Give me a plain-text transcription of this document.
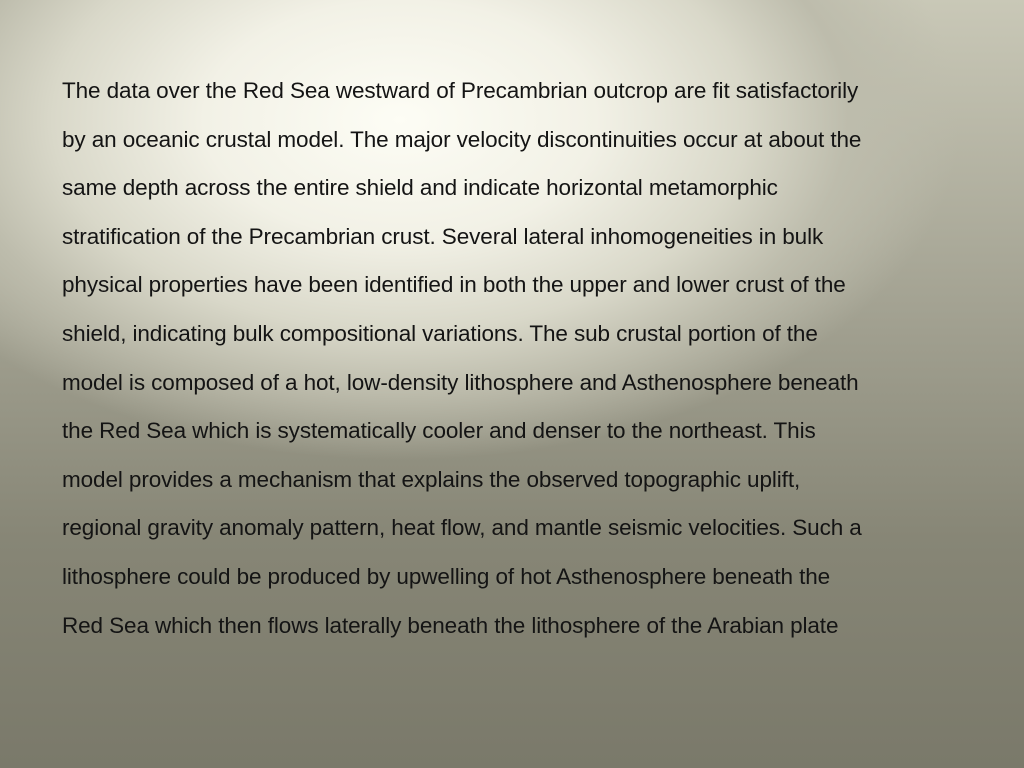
The data over the Red Sea westward of Precambrian outcrop are fit satisfactorily
by an oceanic crustal model. The major velocity discontinuities occur at about the
same depth across the entire shield and indicate horizontal metamorphic
stratification of the Precambrian crust. Several lateral inhomogeneities in bulk
physical properties have been identified in both the upper and lower crust of the
shield, indicating bulk compositional variations. The sub crustal portion of the
model is composed of a hot, low-density lithosphere and Asthenosphere beneath
the Red Sea which is systematically cooler and denser to the northeast. This
model provides a mechanism that explains the observed topographic uplift,
regional gravity anomaly pattern, heat flow, and mantle seismic velocities. Such a
lithosphere could be produced by upwelling of hot Asthenosphere beneath the
Red Sea which then flows laterally beneath the lithosphere of the Arabian plate
